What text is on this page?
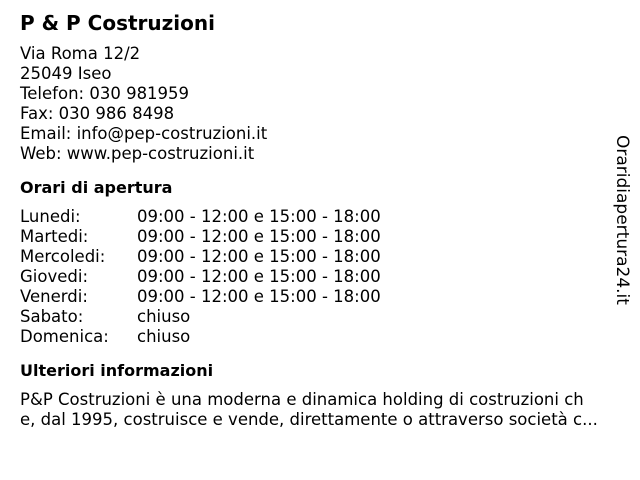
P & P Costruzioni
Via Roma 12/2
25049 Iseo
Telefon: 030 981959
Fax: 030 986 8498
Email: info@pep-costruzioni.it
Web: www.pep-costruzioni.it
Orari di apertura
Lunedi:	09:00 - 12:00 e 15:00 - 18:00
Martedi:	09:00 - 12:00 e 15:00 - 18:00
Mercoledi:	09:00 - 12:00 e 15:00 - 18:00
Giovedi:	09:00 - 12:00 e 15:00 - 18:00
Venerdi:	09:00 - 12:00 e 15:00 - 18:00
Sabato:	chiuso
Domenica:	chiuso
Ulteriori informazioni
P&P Costruzioni è una moderna e dinamica holding di costruzioni ch
e, dal 1995, costruisce e vende, direttamente o attraverso società c...
Oraridiapertura24.it
